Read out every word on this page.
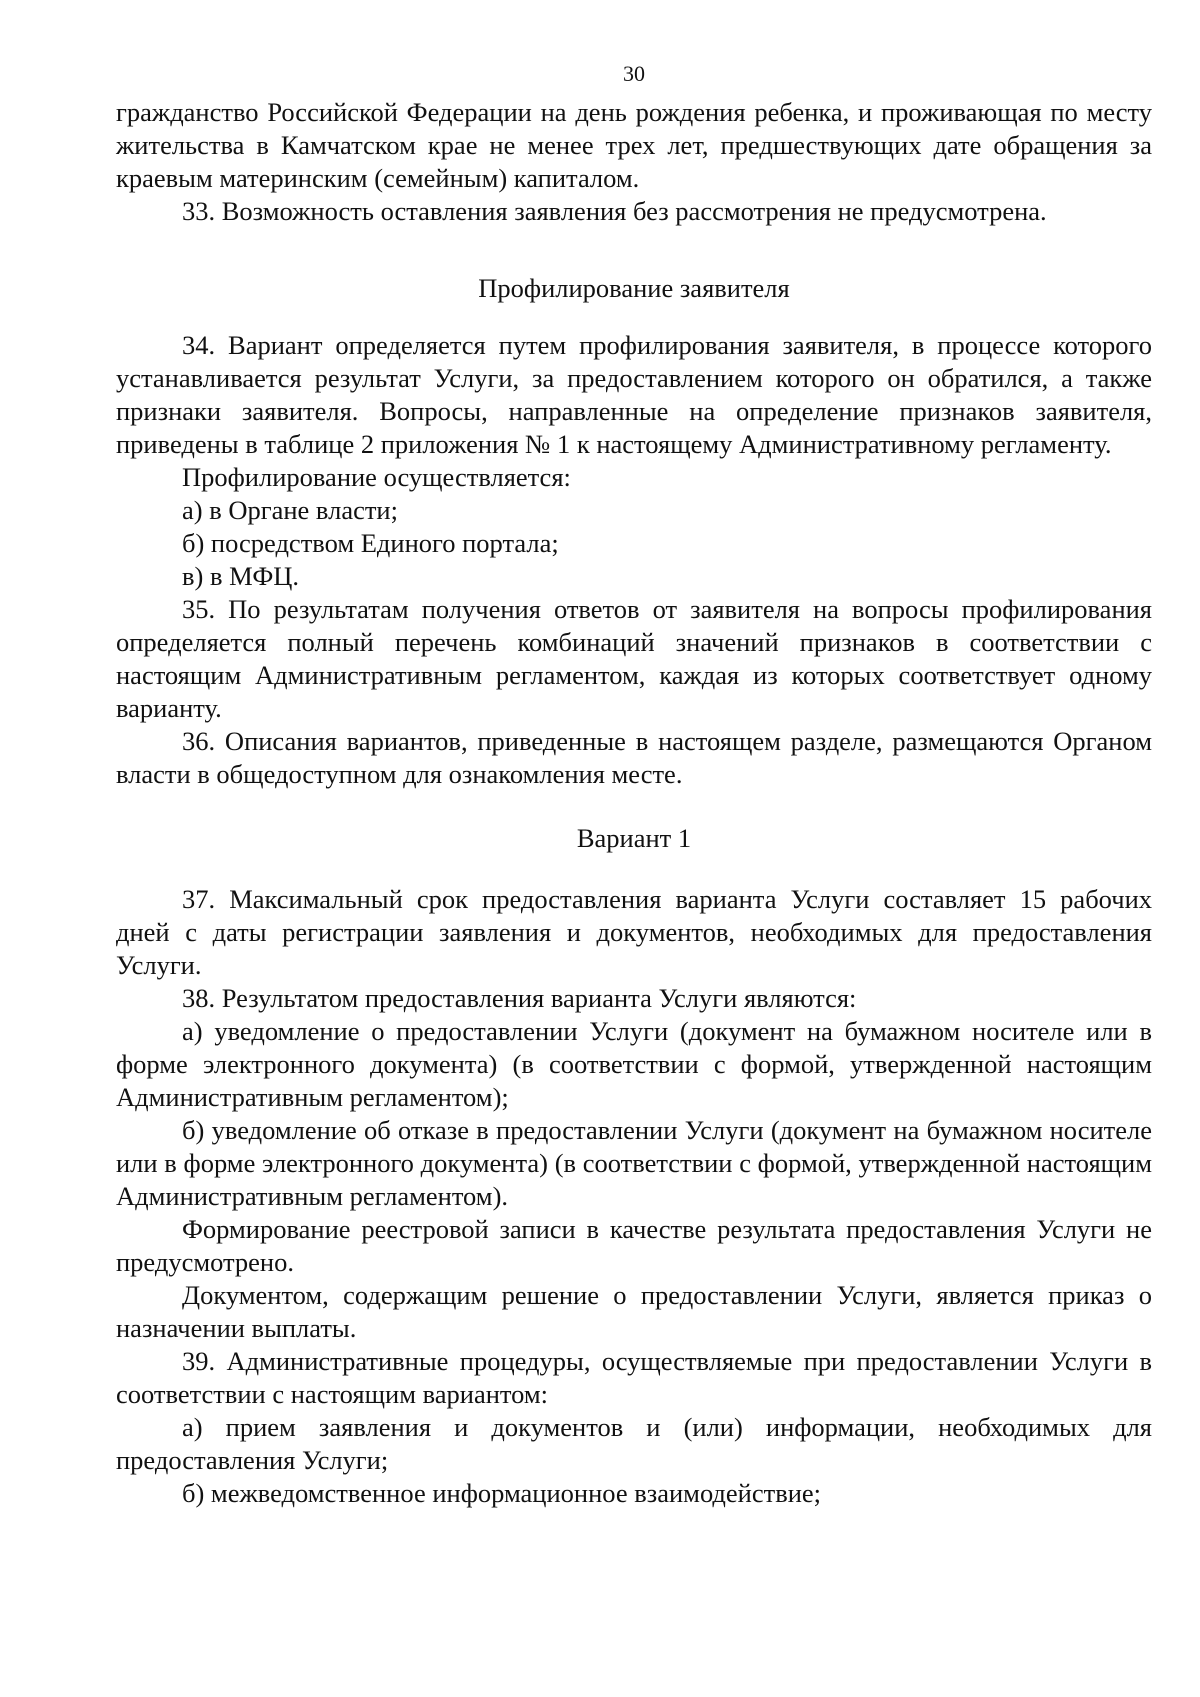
30

гражданство Российской Федерации на день рождения ребенка, и проживающая по месту жительства в Камчатском крае не менее трех лет, предшествующих дате обращения за краевым материнским (семейным) капиталом.

33. Возможность оставления заявления без рассмотрения не предусмотрена.

Профилирование заявителя

34. Вариант определяется путем профилирования заявителя, в процессе которого устанавливается результат Услуги, за предоставлением которого он обратился, а также признаки заявителя. Вопросы, направленные на определение признаков заявителя, приведены в таблице 2 приложения № 1 к настоящему Административному регламенту.

Профилирование осуществляется:

а) в Органе власти;

б) посредством Единого портала;

в) в МФЦ.

35. По результатам получения ответов от заявителя на вопросы профилирования определяется полный перечень комбинаций значений признаков в соответствии с настоящим Административным регламентом, каждая из которых соответствует одному варианту.

36. Описания вариантов, приведенные в настоящем разделе, размещаются Органом власти в общедоступном для ознакомления месте.

Вариант 1

37. Максимальный срок предоставления варианта Услуги составляет 15 рабочих дней с даты регистрации заявления и документов, необходимых для предоставления Услуги.

38. Результатом предоставления варианта Услуги являются:

а) уведомление о предоставлении Услуги (документ на бумажном носителе или в форме электронного документа) (в соответствии с формой, утвержденной настоящим Административным регламентом);

б) уведомление об отказе в предоставлении Услуги (документ на бумажном носителе или в форме электронного документа) (в соответствии с формой, утвержденной настоящим Административным регламентом).

Формирование реестровой записи в качестве результата предоставления Услуги не предусмотрено.

Документом, содержащим решение о предоставлении Услуги, является приказ о назначении выплаты.

39. Административные процедуры, осуществляемые при предоставлении Услуги в соответствии с настоящим вариантом:

а) прием заявления и документов и (или) информации, необходимых для предоставления Услуги;

б) межведомственное информационное взаимодействие;
